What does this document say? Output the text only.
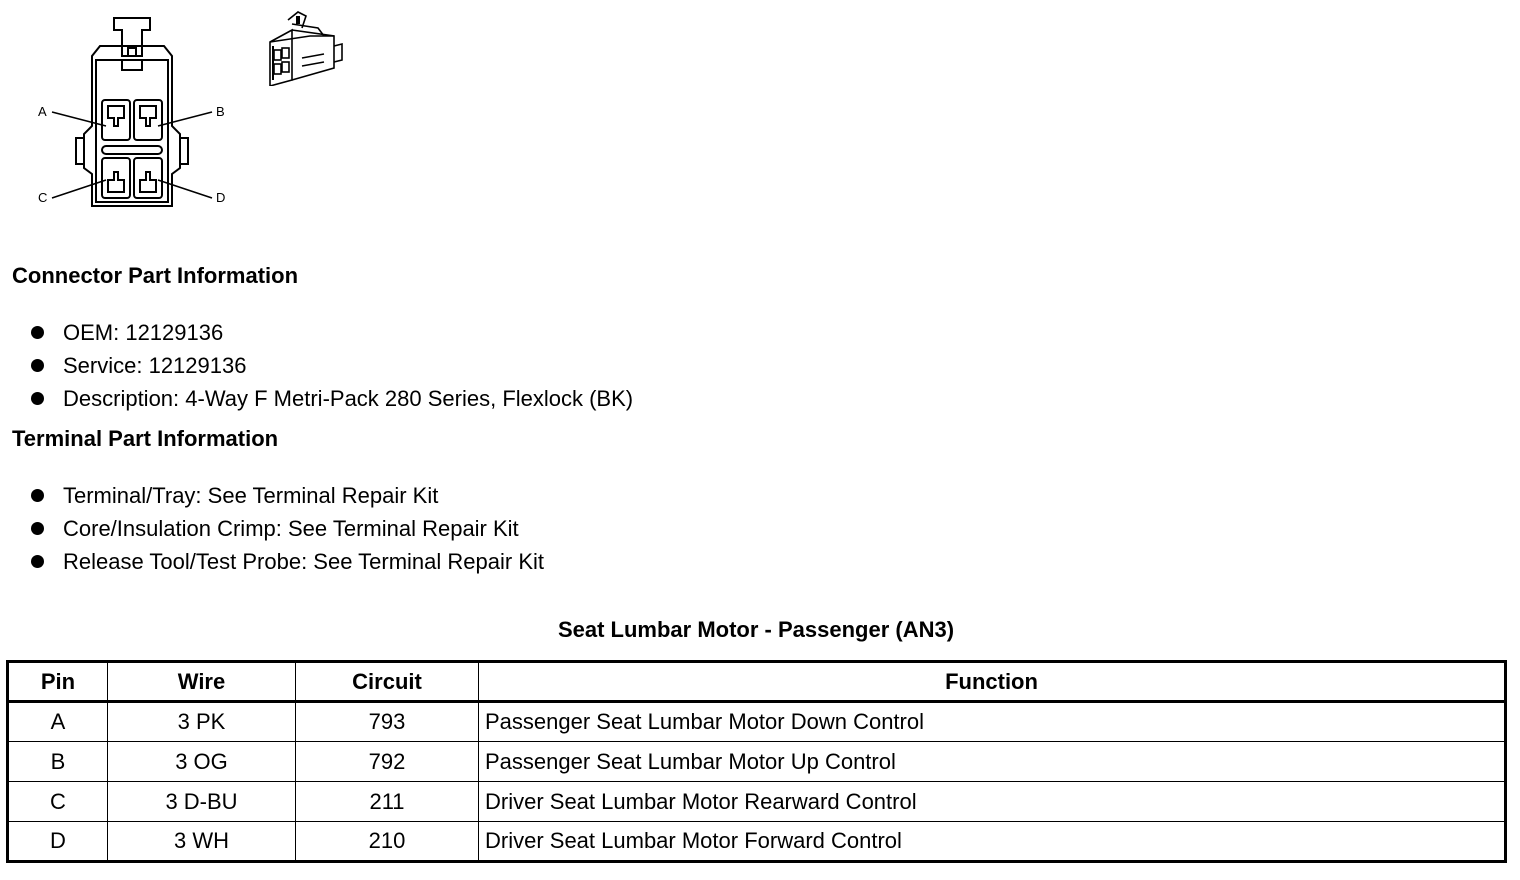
A	B
C	D
Connector Part Information
OEM: 12129136
Service: 12129136
Description: 4-Way F Metri-Pack 280 Series, Flexlock (BK)
Terminal Part Information
Terminal/Tray: See Terminal Repair Kit
Core/Insulation Crimp: See Terminal Repair Kit
Release Tool/Test Probe: See Terminal Repair Kit
Seat Lumbar Motor - Passenger (AN3)
Pin	Wire	Circuit	Function
A	3 PK	793	Passenger Seat Lumbar Motor Down Control
B	3 OG	792	Passenger Seat Lumbar Motor Up Control
C	3 D-BU	211	Driver Seat Lumbar Motor Rearward Control
D	3 WH	210	Driver Seat Lumbar Motor Forward Control
